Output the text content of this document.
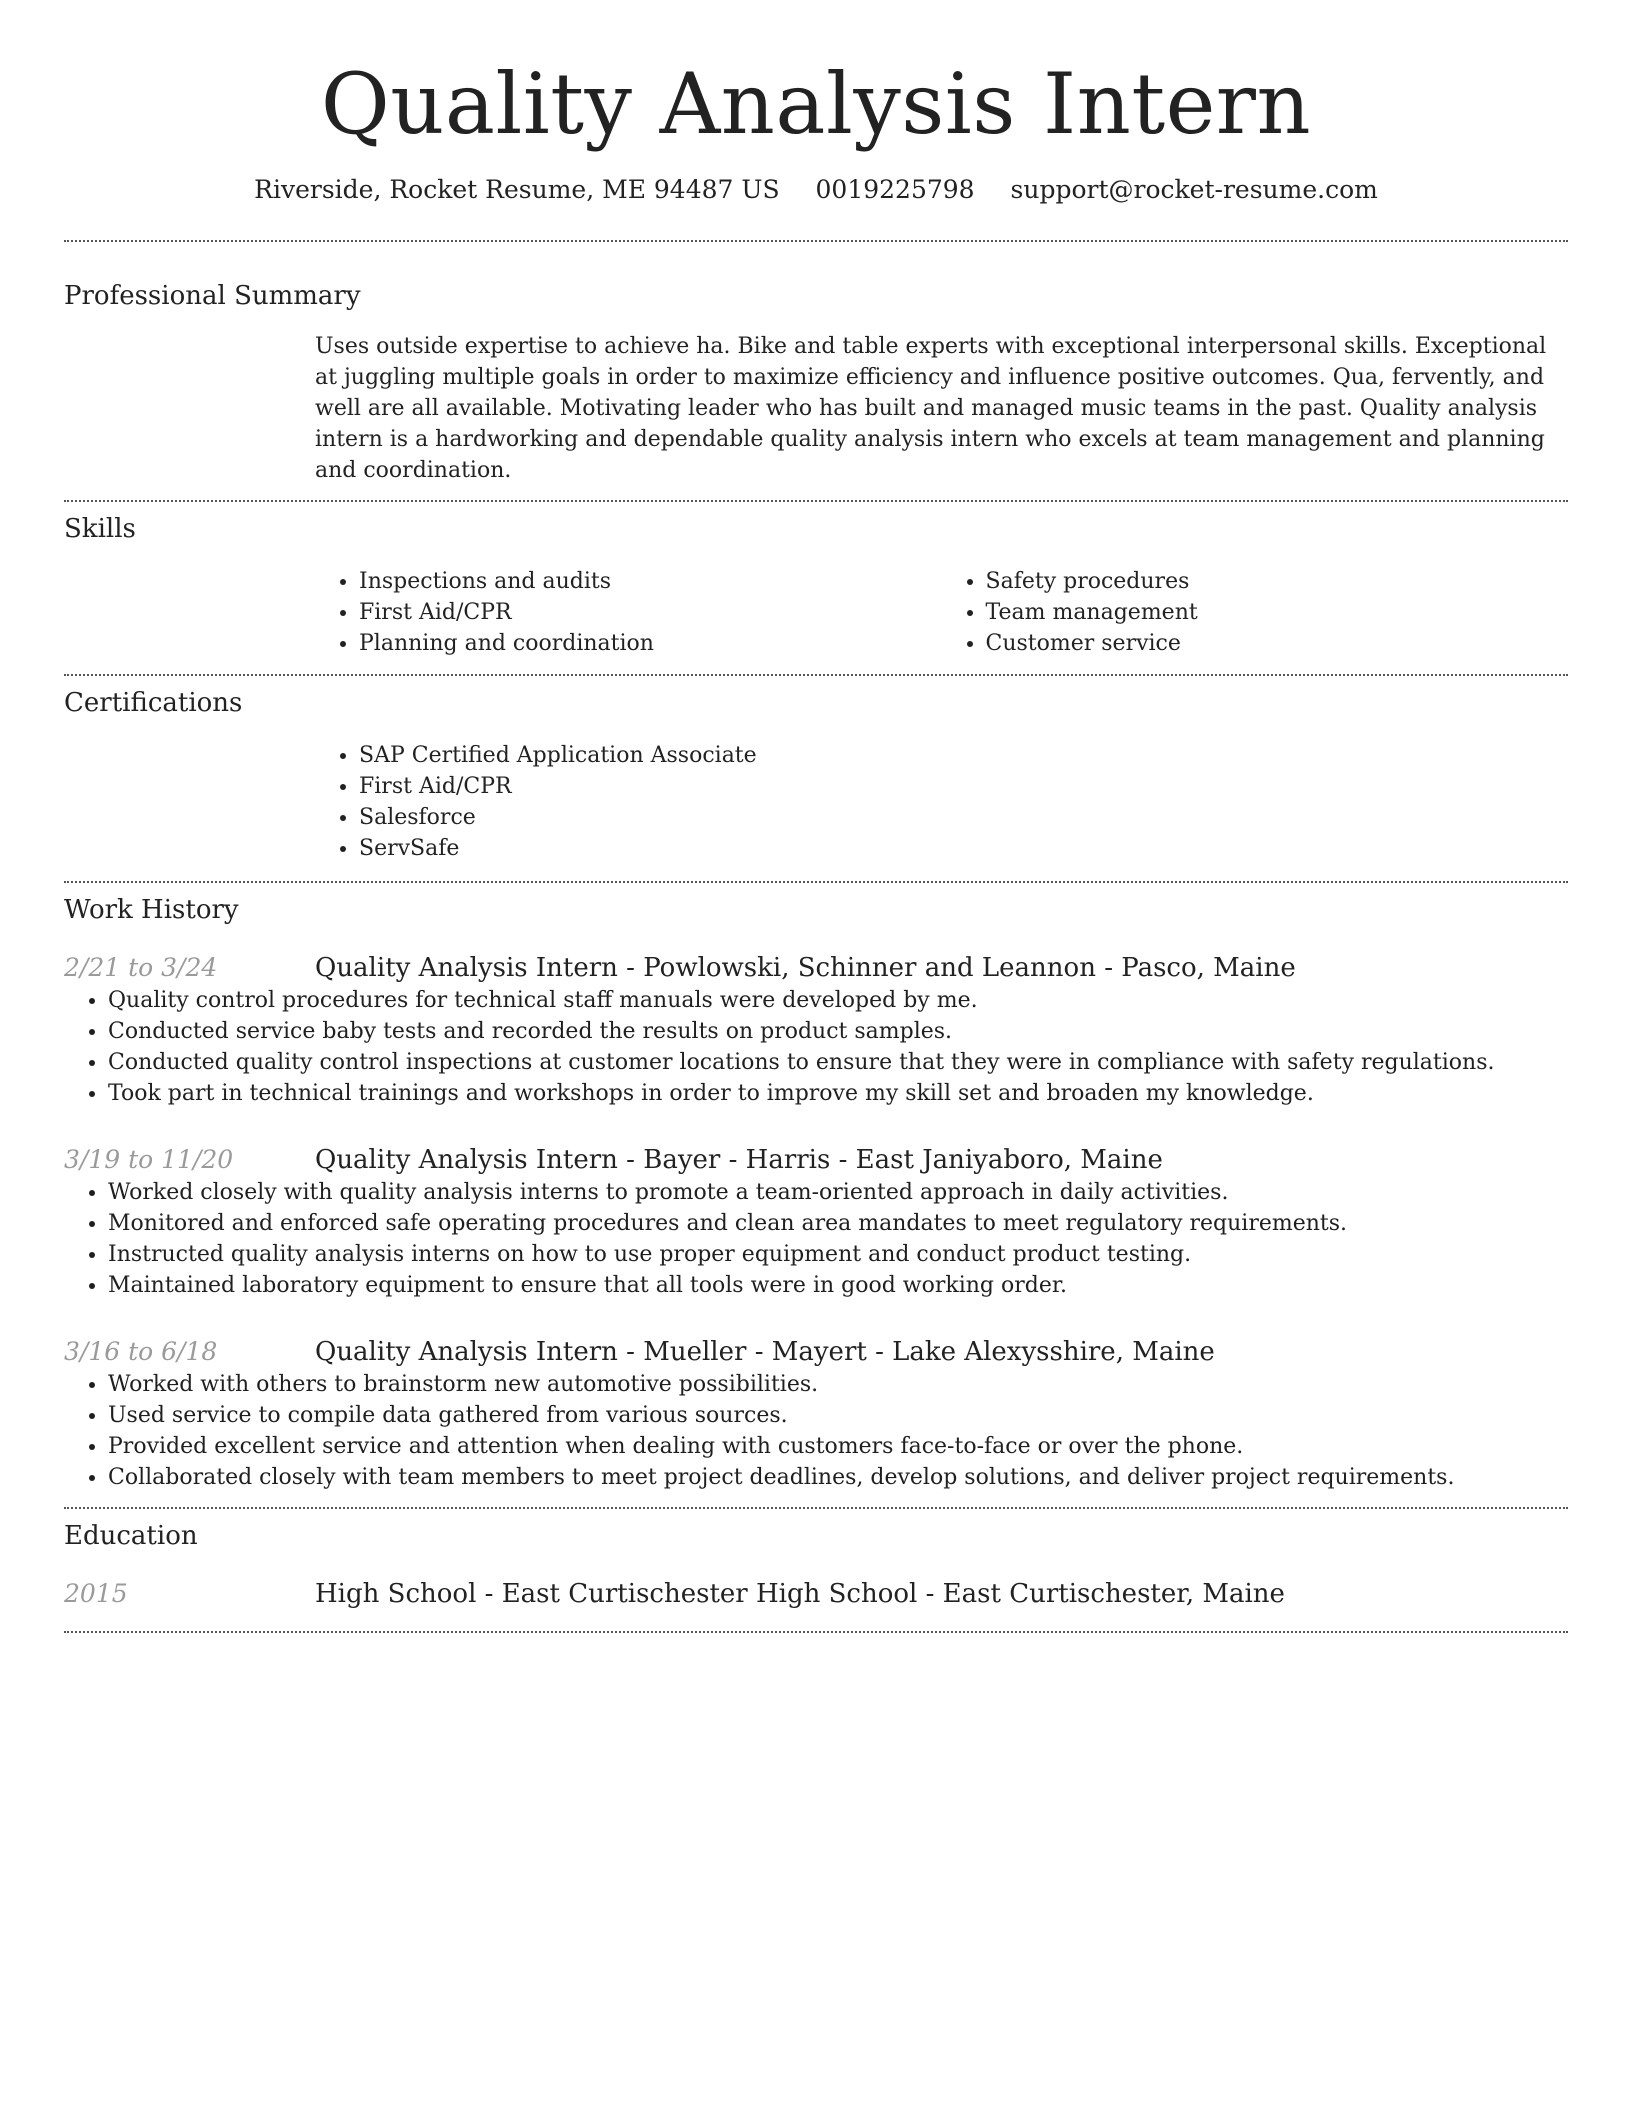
Quality Analysis Intern
Riverside, Rocket Resume, ME 94487 US 0019225798 support@rocket-resume.com
Professional Summary
Uses outside expertise to achieve ha. Bike and table experts with exceptional interpersonal skills. Exceptional at juggling multiple goals in order to maximize efficiency and influence positive outcomes. Qua, fervently, and well are all available. Motivating leader who has built and managed music teams in the past. Quality analysis intern is a hardworking and dependable quality analysis intern who excels at team management and planning and coordination.
Skills
• Inspections and audits
• First Aid/CPR
• Planning and coordination
• Safety procedures
• Team management
• Customer service
Certifications
• SAP Certified Application Associate
• First Aid/CPR
• Salesforce
• ServSafe
Work History
2/21 to 3/24	Quality Analysis Intern - Powlowski, Schinner and Leannon - Pasco, Maine
• Quality control procedures for technical staff manuals were developed by me.
• Conducted service baby tests and recorded the results on product samples.
• Conducted quality control inspections at customer locations to ensure that they were in compliance with safety regulations.
• Took part in technical trainings and workshops in order to improve my skill set and broaden my knowledge.
3/19 to 11/20	Quality Analysis Intern - Bayer - Harris - East Janiyaboro, Maine
• Worked closely with quality analysis interns to promote a team-oriented approach in daily activities.
• Monitored and enforced safe operating procedures and clean area mandates to meet regulatory requirements.
• Instructed quality analysis interns on how to use proper equipment and conduct product testing.
• Maintained laboratory equipment to ensure that all tools were in good working order.
3/16 to 6/18	Quality Analysis Intern - Mueller - Mayert - Lake Alexysshire, Maine
• Worked with others to brainstorm new automotive possibilities.
• Used service to compile data gathered from various sources.
• Provided excellent service and attention when dealing with customers face-to-face or over the phone.
• Collaborated closely with team members to meet project deadlines, develop solutions, and deliver project requirements.
Education
2015	High School - East Curtischester High School - East Curtischester, Maine
